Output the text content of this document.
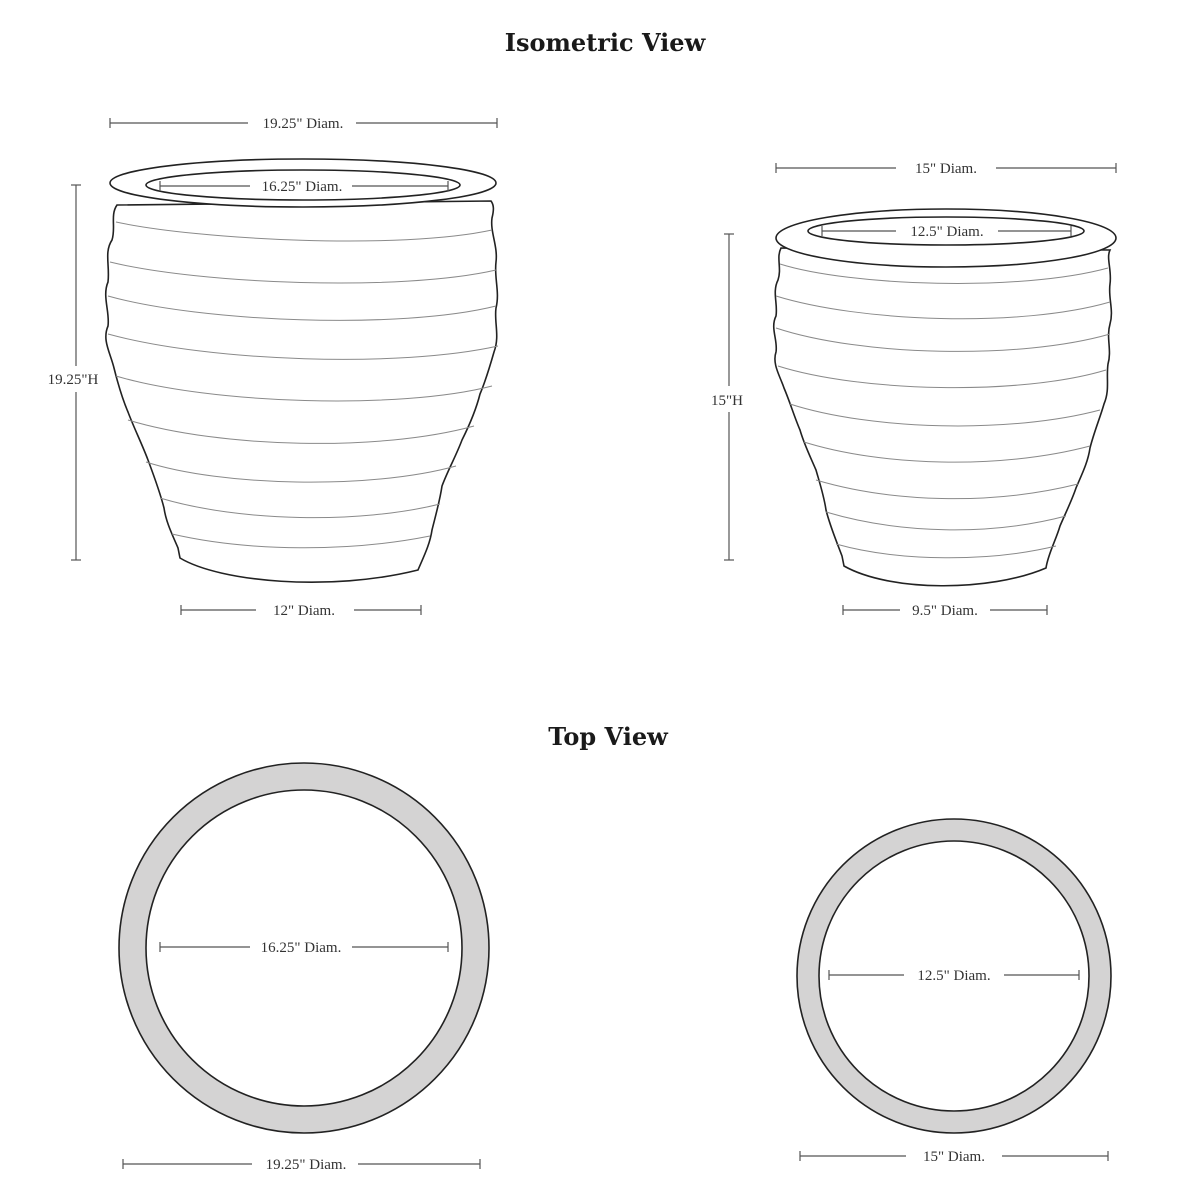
Isometric View
Top View
19.25" Diam.
16.25" Diam.
19.25"H
12" Diam.
15" Diam.
12.5" Diam.
15"H
9.5" Diam.
16.25" Diam.
19.25" Diam.
12.5" Diam.
15" Diam.
